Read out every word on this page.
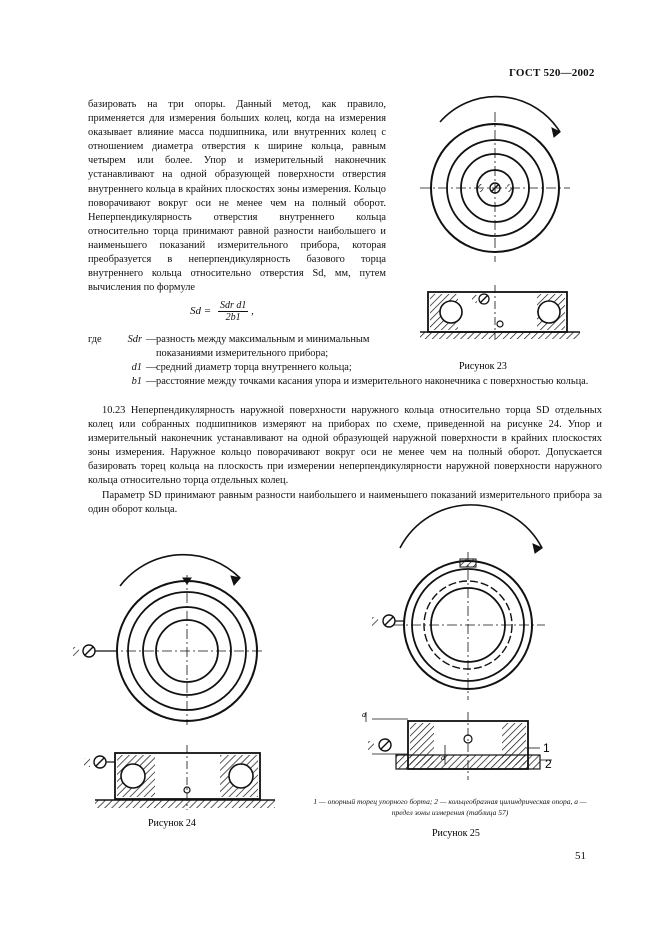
ГОСТ 520—2002

базировать на три опоры. Данный метод, как правило, применяется для измерения больших колец, когда на измерения оказывает влияние масса подшипника, или внутренних колец с отношением диаметра отверстия к ширине кольца, равным четырем или более. Упор и измерительный наконечник устанавливают на одной образующей поверхности отверстия внутреннего кольца в крайних плоскостях зоны измерения. Кольцо поворачивают вокруг оси не менее чем на полный оборот. Неперпендикулярность отверстия внутреннего кольца относительно торца принимают равной разности наибольшего и наименьшего показаний измерительного прибора, которая преобразуется в неперпендикулярность базового торца внутреннего кольца относительно отверстия Sd, мм, путем вычисления по формуле

$Sd = \frac{\text{Sdr d1}}{2b1}$ ,
где	Sdr — разность между максимальным и минимальным показаниями измерительного прибора;
d1 — средний диаметр торца внутреннего кольца;
b1 — расстояние между точками касания упора и измерительного наконечника с поверхностью кольца.

10.23 Неперпендикулярность наружной поверхности наружного кольца относительно торца SD отдельных колец или собранных подшипников измеряют на приборах по схеме, приведенной на рисунке 24. Упор и измерительный наконечник устанавливают на одной образующей наружной поверхности в крайних плоскостях зоны измерения. Наружное кольцо поворачивают вокруг оси не менее чем на полный оборот. Допускается базировать торец кольца на плоскость при измерении неперпендикулярности наружной поверхности наружного кольца относительно торца отдельных колец.

Параметр SD принимают равным разности наибольшего и наименьшего показаний измерительного прибора за один оборот кольца.

Рисунок 23
Рисунок 24
а
а
1
2
Рисунок 25
1 — опорный торец упорного борта; 2 — кольцеобразная цилиндрическая опора, а — предел зоны измерения (таблица 57)
51
